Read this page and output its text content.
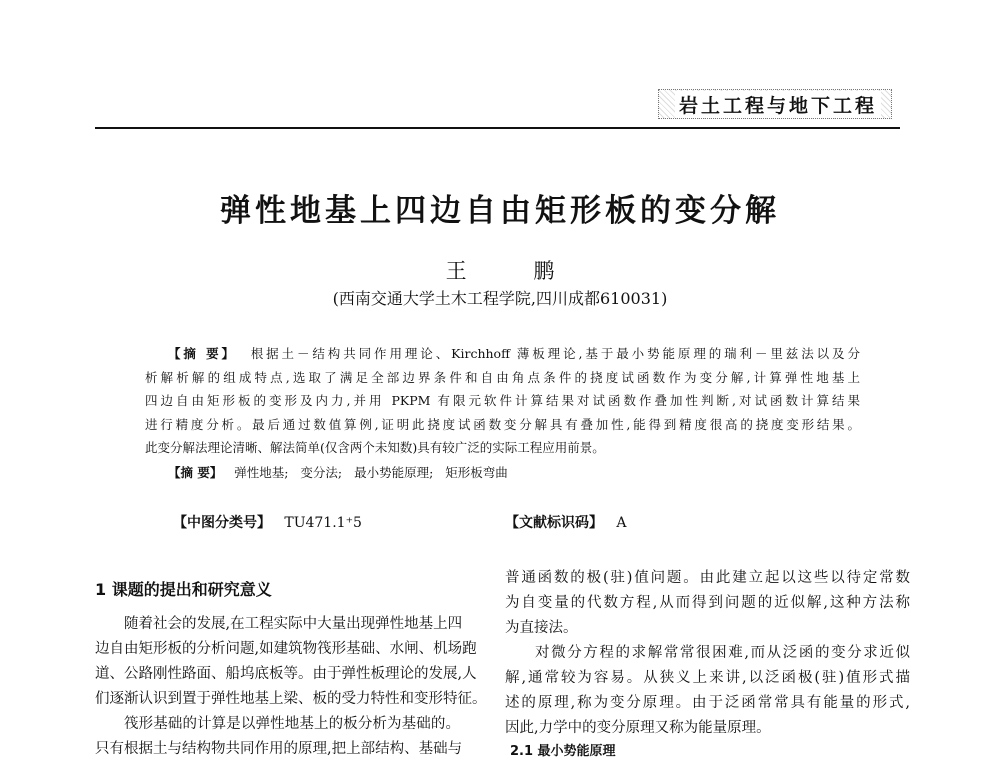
岩土工程与地下工程
弹性地基上四边自由矩形板的变分解
王 鹏
(西南交通大学土木工程学院,四川成都610031)
【摘 要】 根据土－结构共同作用理论、Kirchhoff 薄板理论,基于最小势能原理的瑞利－里兹法以及分
析解析解的组成特点,选取了满足全部边界条件和自由角点条件的挠度试函数作为变分解,计算弹性地基上
四边自由矩形板的变形及内力,并用 PKPM 有限元软件计算结果对试函数作叠加性判断,对试函数计算结果
进行精度分析。最后通过数值算例,证明此挠度试函数变分解具有叠加性,能得到精度很高的挠度变形结果。
此变分解法理论清晰、解法简单(仅含两个未知数)具有较广泛的实际工程应用前景。
【摘 要】 弹性地基; 变分法; 最小势能原理; 矩形板弯曲
【中图分类号】 TU471.1⁺5	【文献标识码】 A
1 课题的提出和研究意义
随着社会的发展,在工程实际中大量出现弹性地基上四
边自由矩形板的分析问题,如建筑物筏形基础、水闸、机场跑
道、公路刚性路面、船坞底板等。由于弹性板理论的发展,人
们逐渐认识到置于弹性地基上梁、板的受力特性和变形特征。
筏形基础的计算是以弹性地基上的板分析为基础的。
只有根据土与结构物共同作用的原理,把上部结构、基础与
普通函数的极(驻)值问题。由此建立起以这些以待定常数
为自变量的代数方程,从而得到问题的近似解,这种方法称
为直接法。
对微分方程的求解常常很困难,而从泛函的变分求近似
解,通常较为容易。从狭义上来讲,以泛函极(驻)值形式描
述的原理,称为变分原理。由于泛函常常具有能量的形式,
因此,力学中的变分原理又称为能量原理。
2.1 最小势能原理
